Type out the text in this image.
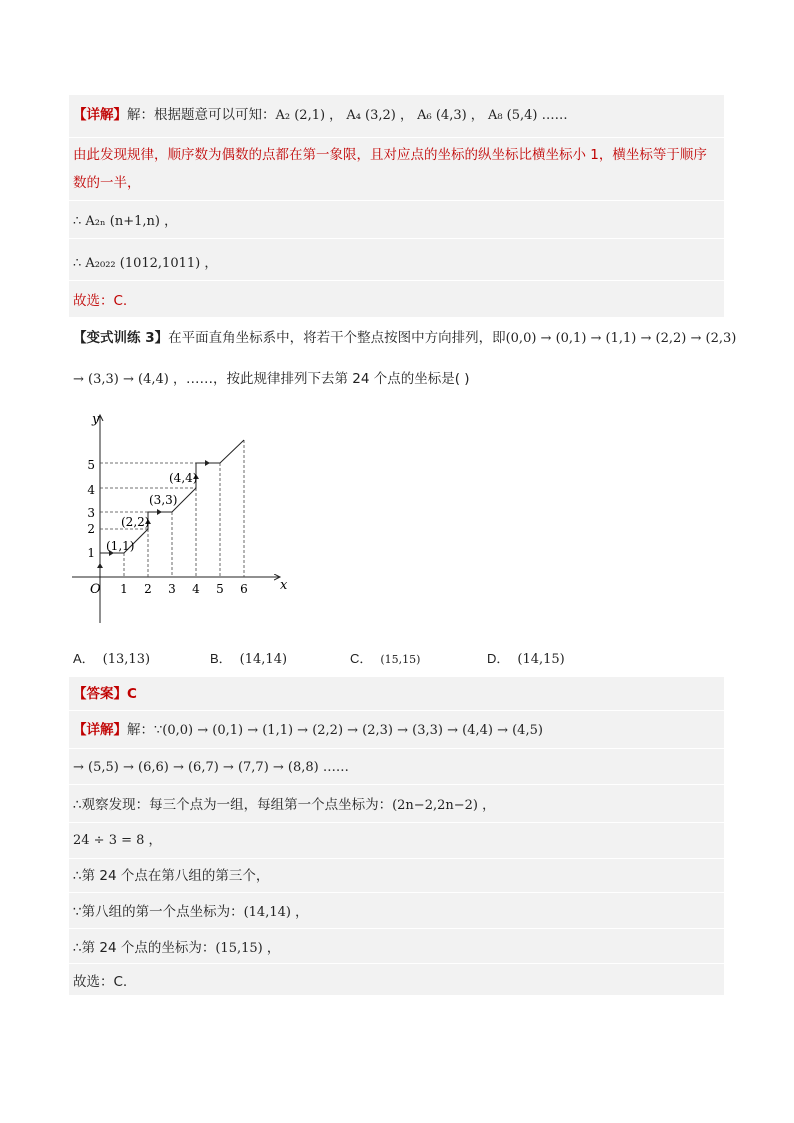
【详解】解：根据题意可以可知：A₂ (2,1) ， A₄ (3,2) ， A₆ (4,3) ， A₈ (5,4) ……
由此发现规律，顺序数为偶数的点都在第一象限，且对应点的坐标的纵坐标比横坐标小 1，横坐标等于顺序
数的一半，
∴ A₂ₙ (n+1,n) ，
∴ A₂₀₂₂ (1012,1011) ，
故选：C.
【变式训练 3】在平面直角坐标系中，将若干个整点按图中方向排列，即(0,0) → (0,1) → (1,1) → (2,2) → (2,3)
→ (3,3) → (4,4) ，……，按此规律排列下去第 24 个点的坐标是( )
y
x
O 1 2 3 4 5 6
1
2
3
4
5
(1,1)
(2,2)
(3,3)
(4,4)
A． (13,13)	B． (14,14)	C． (15,15)	D． (14,15)
【答案】C
【详解】解：∵(0,0) → (0,1) → (1,1) → (2,2) → (2,3) → (3,3) → (4,4) → (4,5)
→ (5,5) → (6,6) → (6,7) → (7,7) → (8,8) ……
∴观察发现：每三个点为一组，每组第一个点坐标为：(2n−2,2n−2) ，
24 ÷ 3 = 8 ，
∴第 24 个点在第八组的第三个，
∵第八组的第一个点坐标为：(14,14) ，
∴第 24 个点的坐标为：(15,15) ，
故选：C.
